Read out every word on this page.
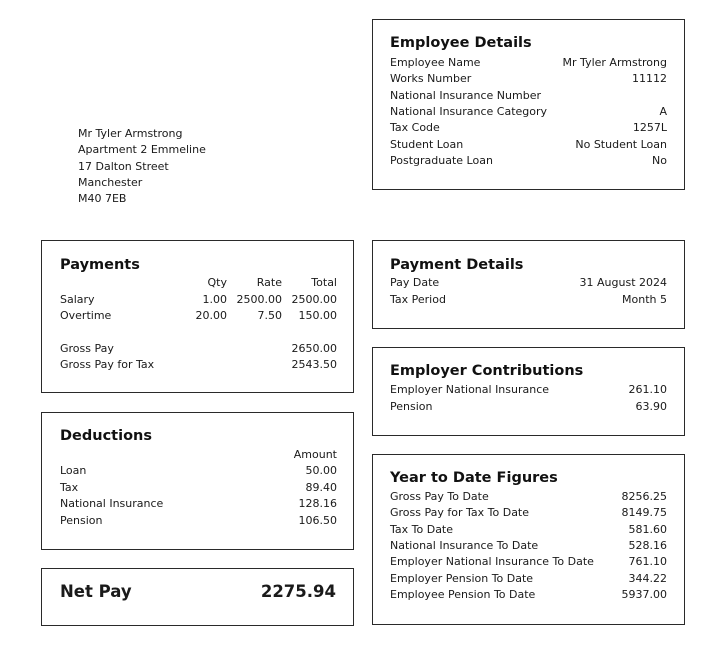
Mr Tyler Armstrong
Apartment 2 Emmeline
17 Dalton Street
Manchester
M40 7EB
Employee Details
Employee Name	Mr Tyler Armstrong
Works Number	11112
National Insurance Number
National Insurance Category	A
Tax Code	1257L
Student Loan	No Student Loan
Postgraduate Loan	No
Payments
Qty	Rate	Total
Salary	1.00 2500.00 2500.00
Overtime	20.00	7.50 150.00
Gross Pay	2650.00
Gross Pay for Tax	2543.50
Payment Details
Pay Date	31 August 2024
Tax Period	Month 5
Employer Contributions
Employer National Insurance	261.10
Pension	63.90
Deductions
Amount
Loan	50.00
Tax	89.40
National Insurance	128.16
Pension	106.50
Year to Date Figures
Gross Pay To Date	8256.25
Gross Pay for Tax To Date	8149.75
Tax To Date	581.60
National Insurance To Date	528.16
Employer National Insurance To Date	761.10
Employer Pension To Date	344.22
Employee Pension To Date	5937.00
Net Pay	2275.94
